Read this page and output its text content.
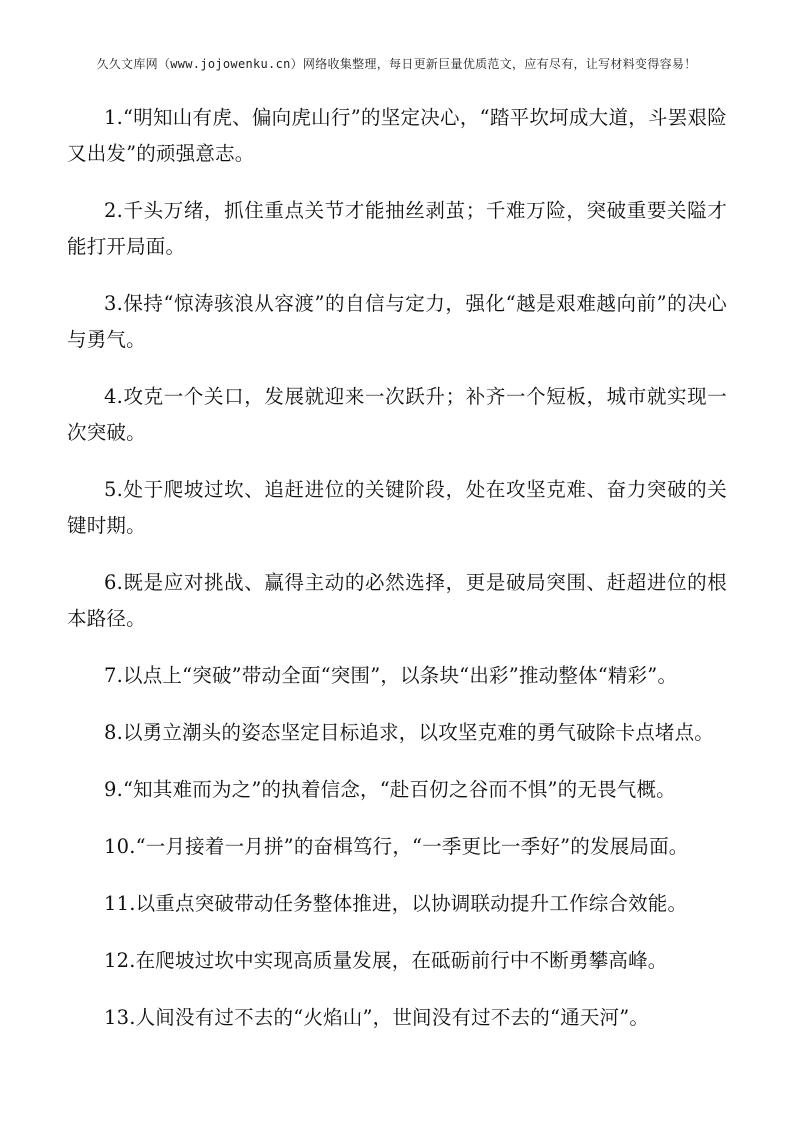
久久文库网（www.jojowenku.cn）网络收集整理，每日更新巨量优质范文，应有尽有，让写材料变得容易！

1.“明知山有虎、偏向虎山行”的坚定决心，“踏平坎坷成大道，斗罢艰险又出发”的顽强意志。

2.千头万绪，抓住重点关节才能抽丝剥茧；千难万险，突破重要关隘才能打开局面。

3.保持“惊涛骇浪从容渡”的自信与定力，强化“越是艰难越向前”的决心与勇气。

4.攻克一个关口，发展就迎来一次跃升；补齐一个短板，城市就实现一次突破。

5.处于爬坡过坎、追赶进位的关键阶段，处在攻坚克难、奋力突破的关键时期。

6.既是应对挑战、赢得主动的必然选择，更是破局突围、赶超进位的根本路径。

7.以点上“突破”带动全面“突围”，以条块“出彩”推动整体“精彩”。

8.以勇立潮头的姿态坚定目标追求，以攻坚克难的勇气破除卡点堵点。

9.“知其难而为之”的执着信念，“赴百仞之谷而不惧”的无畏气概。

10.“一月接着一月拼”的奋楫笃行，“一季更比一季好”的发展局面。

11.以重点突破带动任务整体推进，以协调联动提升工作综合效能。

12.在爬坡过坎中实现高质量发展，在砥砺前行中不断勇攀高峰。

13.人间没有过不去的“火焰山”，世间没有过不去的“通天河”。
